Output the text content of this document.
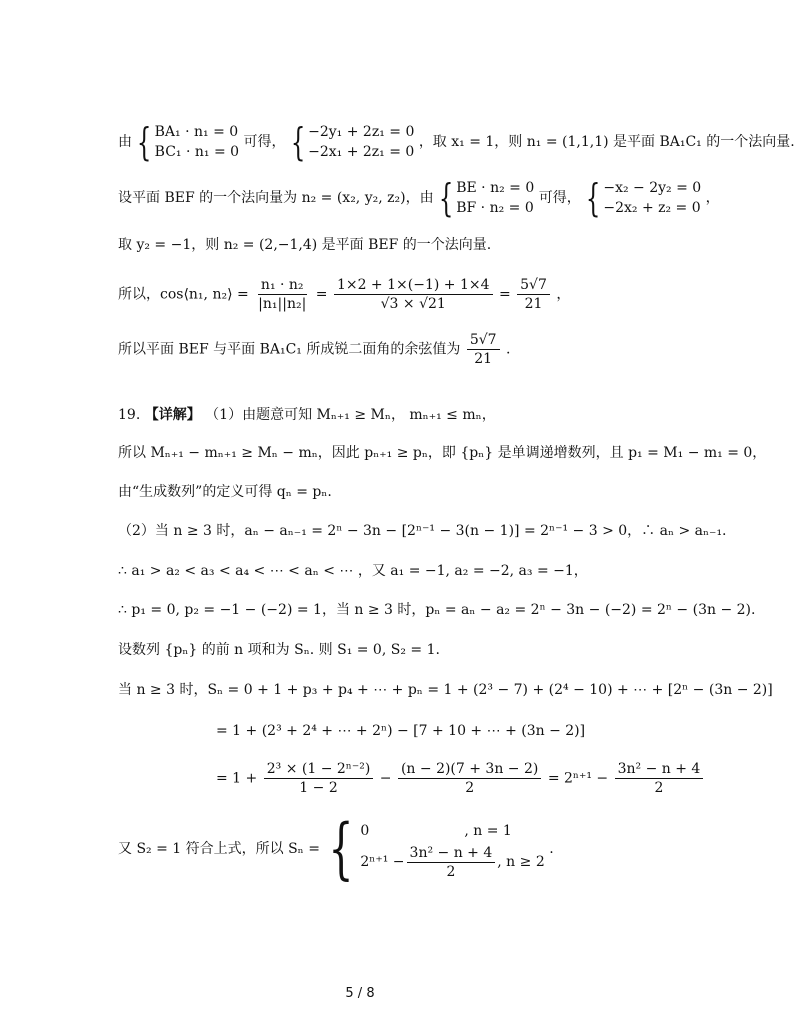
由 { BA₁ · n₁ = 0
BC₁ · n₁ = 0
可得， { −2y₁ + 2z₁ = 0
−2x₁ + 2z₁ = 0
，取 x₁ = 1，则 n₁ = (1,1,1) 是平面 BA₁C₁ 的一个法向量.
设平面 BEF 的一个法向量为 n₂ = (x₂, y₂, z₂)，由 { BE · n₂ = 0
BF · n₂ = 0
可得， { −x₂ − 2y₂ = 0
−2x₂ + z₂ = 0
，
取 y₂ = −1，则 n₂ = (2,−1,4) 是平面 BEF 的一个法向量.
所以，cos⟨n₁, n₂⟩ = $\frac{\text{n₁ · n₂}}{\text{|n₁||n₂|}} = \frac{1\times 2 + 1\times(-1) + 1\times 4}{√3 \times √21} = \frac{5√7}{21}$ ，
所以平面 BEF 与平面 BA₁C₁ 所成锐二面角的余弦值为 $\frac{5√7}{21}$ .
19. 【详解】 （1）由题意可知 Mₙ₊₁ ≥ Mₙ， mₙ₊₁ ≤ mₙ，
所以 Mₙ₊₁ − mₙ₊₁ ≥ Mₙ − mₙ，因此 pₙ₊₁ ≥ pₙ，即 {pₙ} 是单调递增数列，且 p₁ = M₁ − m₁ = 0，
由“生成数列”的定义可得 qₙ = pₙ.
（2）当 n ≥ 3 时，aₙ − aₙ₋₁ = 2ⁿ − 3n − [2ⁿ⁻¹ − 3(n − 1)] = 2ⁿ⁻¹ − 3 > 0，∴ aₙ > aₙ₋₁.
∴ a₁ > a₂ < a₃ < a₄ < ⋯ < aₙ < ⋯ ，又 a₁ = −1, a₂ = −2, a₃ = −1，
∴ p₁ = 0, p₂ = −1 − (−2) = 1，当 n ≥ 3 时，pₙ = aₙ − a₂ = 2ⁿ − 3n − (−2) = 2ⁿ − (3n − 2).
设数列 {pₙ} 的前 n 项和为 Sₙ. 则 S₁ = 0, S₂ = 1.
当 n ≥ 3 时，Sₙ = 0 + 1 + p₃ + p₄ + ⋯ + pₙ = 1 + (2³ − 7) + (2⁴ − 10) + ⋯ + [2ⁿ − (3n − 2)]
= 1 + (2³ + 2⁴ + ⋯ + 2ⁿ) − [7 + 10 + ⋯ + (3n − 2)]
= $1 + \frac{\text{2³ × (1 − 2ⁿ⁻²)}}{1 - 2} - \frac{(n - 2)(7 + 3n - 2)}{2} = 2^{n+1} - \frac{\text{3n² − n + 4}}{2}$
又 S₂ = 1 符合上式，所以 Sₙ = { 0	, n = 1
$2^{n+1} - \frac{\text{3n² − n + 4}}{2}$ , n ≥ 2
.
5 / 8
